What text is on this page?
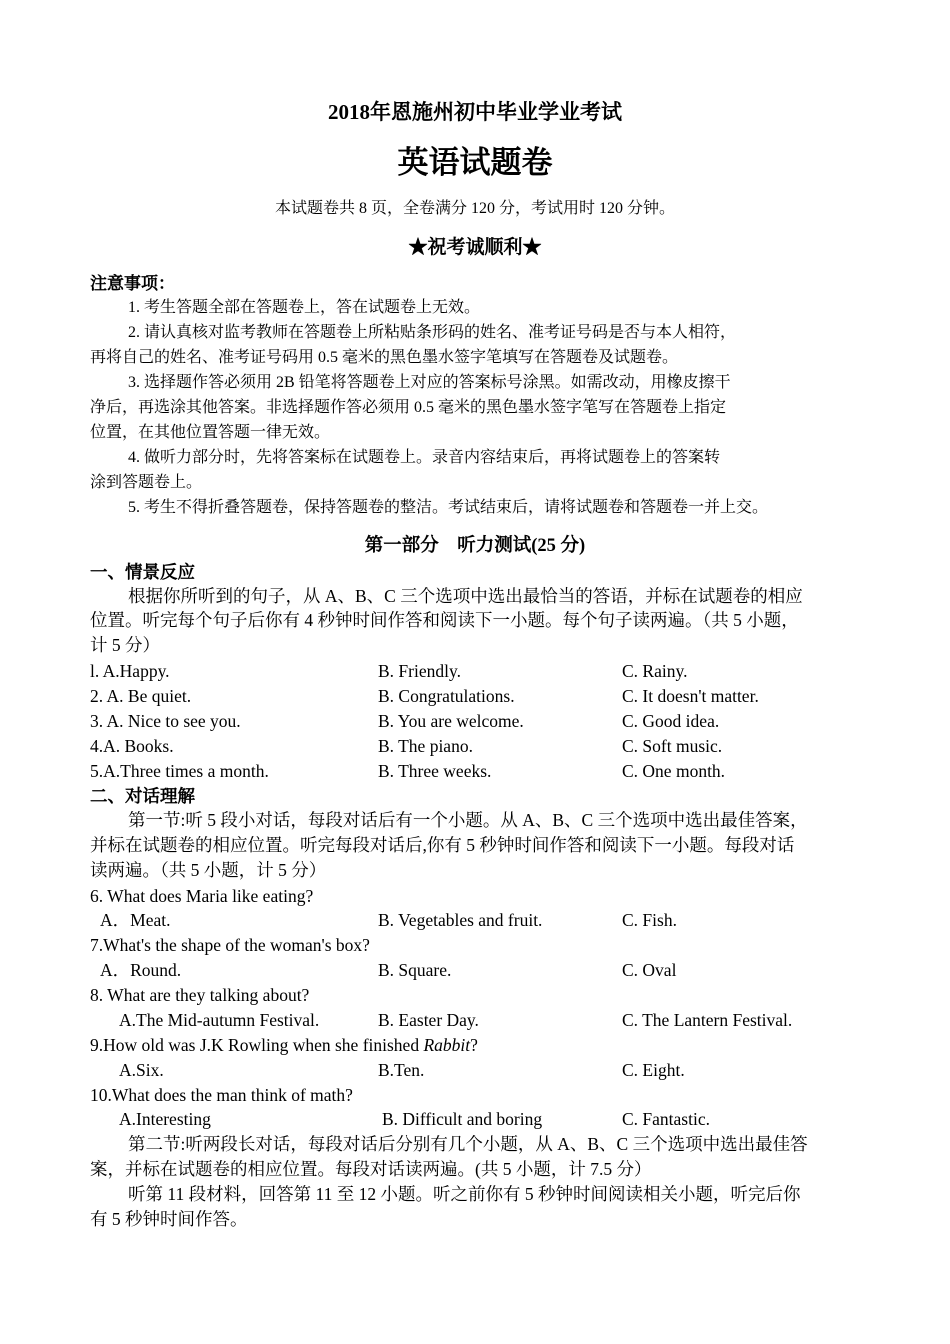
2018年恩施州初中毕业学业考试
英语试题卷
本试题卷共 8 页，全卷满分 120 分，考试用时 120 分钟。
★祝考诚顺利★
注意事项：
1. 考生答题全部在答题卷上，答在试题卷上无效。
2. 请认真核对监考教师在答题卷上所粘贴条形码的姓名、准考证号码是否与本人相符，
再将自己的姓名、准考证号码用 0.5 毫米的黑色墨水签字笔填写在答题卷及试题卷。
3. 选择题作答必须用 2B 铅笔将答题卷上对应的答案标号涂黑。如需改动，用橡皮擦干
净后，再选涂其他答案。非选择题作答必须用 0.5 毫米的黑色墨水签字笔写在答题卷上指定
位置，在其他位置答题一律无效。
4. 做听力部分时，先将答案标在试题卷上。录音内容结束后，再将试题卷上的答案转
涂到答题卷上。
5. 考生不得折叠答题卷，保持答题卷的整洁。考试结束后，请将试题卷和答题卷一并上交。
第一部分　听力测试(25 分)
一、情景反应
根据你所听到的句子，从 A、B、C 三个选项中选出最恰当的答语，并标在试题卷的相应
位置。听完每个句子后你有 4 秒钟时间作答和阅读下一小题。每个句子读两遍。（共 5 小题，
计 5 分）
l. A.Happy.	B. Friendly.	C. Rainy.
2. A. Be quiet.	B. Congratulations.	C. It doesn't matter.
3. A. Nice to see you.	B. You are welcome.	C. Good idea.
4.A. Books.	B. The piano.	C. Soft music.
5.A.Three times a month.	B. Three weeks.	C. One month.
二、对话理解
第一节:听 5 段小对话，每段对话后有一个小题。从 A、B、C 三个选项中选出最佳答案，
并标在试题卷的相应位置。听完每段对话后,你有 5 秒钟时间作答和阅读下一小题。每段对话
读两遍。（共 5 小题，计 5 分）
6. What does Maria like eating?
A．Meat.	B. Vegetables and fruit.	C. Fish.
7.What's the shape of the woman's box?
A．Round.	B. Square.	C. Oval
8. What are they talking about?
A.The Mid-autumn Festival.	B. Easter Day.	C. The Lantern Festival.
9.How old was J.K Rowling when she finished Rabbit?
A.Six.	B.Ten.	C. Eight.
10.What does the man think of math?
A.Interesting	B. Difficult and boring	C. Fantastic.
第二节:听两段长对话，每段对话后分别有几个小题，从 A、B、C 三个选项中选出最佳答
案，并标在试题卷的相应位置。每段对话读两遍。(共 5 小题，计 7.5 分）
听第 11 段材料，回答第 11 至 12 小题。听之前你有 5 秒钟时间阅读相关小题，听完后你
有 5 秒钟时间作答。
